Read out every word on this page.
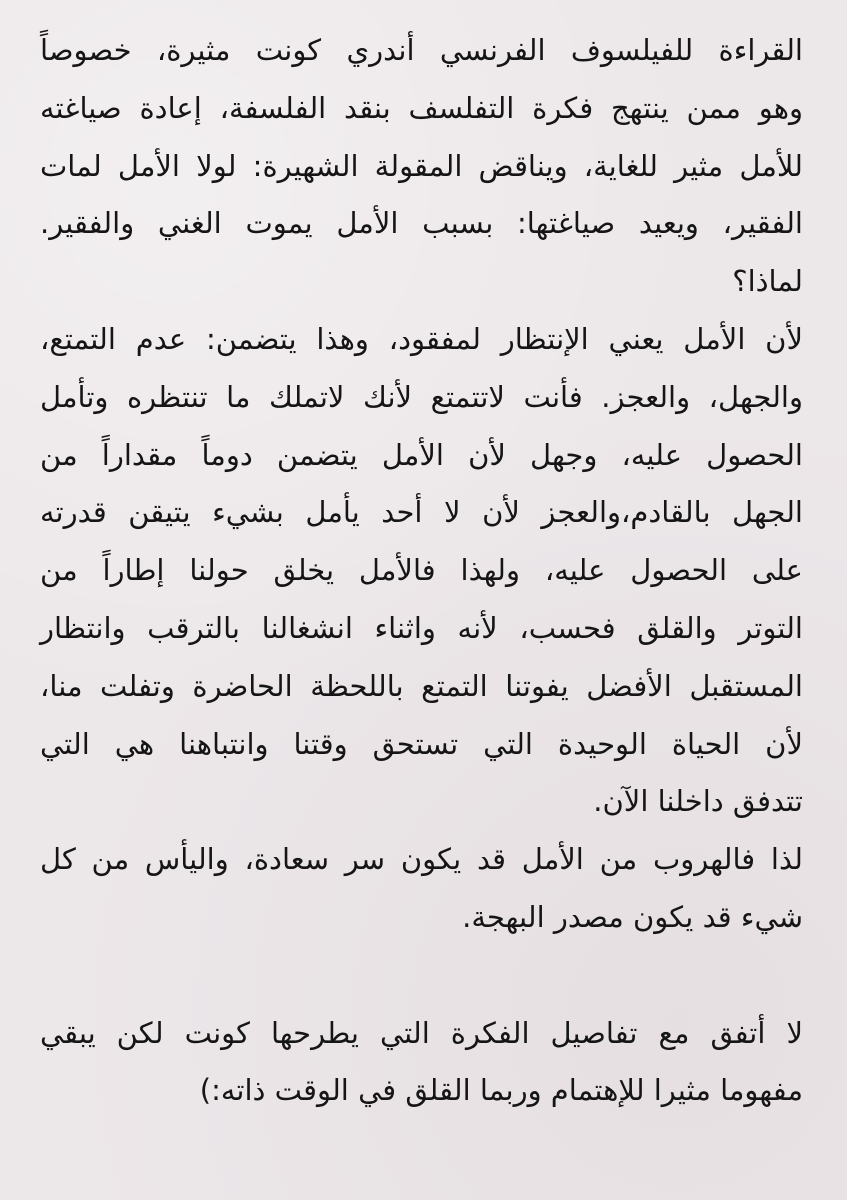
القراءة للفيلسوف الفرنسي أندري كونت مثيرة، خصوصاً
وهو ممن ينتهج فكرة التفلسف بنقد الفلسفة، إعادة صياغته
للأمل مثير للغاية، ويناقض المقولة الشهيرة: لولا الأمل لمات
الفقير، ويعيد صياغتها: بسبب الأمل يموت الغني والفقير.
لماذا؟
لأن الأمل يعني الإنتظار لمفقود، وهذا يتضمن: عدم التمتع،
والجهل، والعجز. فأنت لاتتمتع لأنك لاتملك ما تنتظره وتأمل
الحصول عليه، وجهل لأن الأمل يتضمن دوماً مقداراً من
الجهل بالقادم،والعجز لأن لا أحد يأمل بشيء يتيقن قدرته
على الحصول عليه، ولهذا فالأمل يخلق حولنا إطاراً من
التوتر والقلق فحسب، لأنه واثناء انشغالنا بالترقب وانتظار
المستقبل الأفضل يفوتنا التمتع باللحظة الحاضرة وتفلت منا،
لأن الحياة الوحيدة التي تستحق وقتنا وانتباهنا هي التي
تتدفق داخلنا الآن.
لذا فالهروب من الأمل قد يكون سر سعادة، واليأس من كل
شيء قد يكون مصدر البهجة.
لا أتفق مع تفاصيل الفكرة التي يطرحها كونت لكن يبقي
مفهوما مثيرا للإهتمام وربما القلق في الوقت ذاته:)
